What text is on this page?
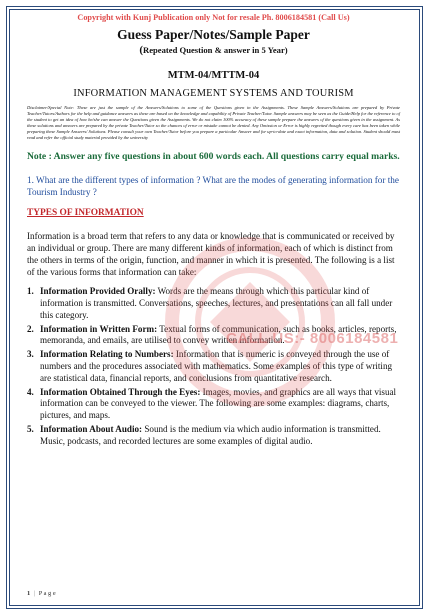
Copyright with Kunj Publication only Not for resale Ph. 8006184581 (Call Us)
Guess Paper/Notes/Sample Paper
(Repeated Question & answer in 5 Year)
MTM-04/MTTM-04
INFORMATION MANAGEMENT SYSTEMS AND TOURISM

Disclaimer/Special Note: These are just the sample of the Answers/Solutions to some of the Questions given in the Assignments. These Sample Answers/Solutions are prepared by Private Teacher/Tutors/Authors for the help and guidance answers as these are based on the knowledge and capability of Private Teacher/Tutor. Sample answers may be seen as the Guide/Help for the reference to of the student to get an idea of how he/she can answer the Questions given the Assignments. We do not claim 100% accuracy of these sample prepare the answers of the questions given in the assignment. As these solutions and answers are prepared by the private Teacher/Tutor so the chances of error or mistake cannot be denied. Any Omission or Error is highly regretted though every care has been taken while preparing these Sample Answers/ Solutions. Please consult your own Teacher/Tutor before you prepare a particular Answer and for up-to-date and exact information, data and solution. Student should must read and refer the official study material provided by the university

Note : Answer any five questions in about 600 words each. All questions carry equal marks.

1. What are the different types of information ? What are the modes of generating information for the Tourism Industry ?

TYPES OF INFORMATION

Information is a broad term that refers to any data or knowledge that is communicated or received by an individual or group. There are many different kinds of information, each of which is distinct from the others in terms of the origin, function, and manner in which it is presented. The following is a list of the various forms that information can take:

1. Information Provided Orally: Words are the means through which this particular kind of information is transmitted. Conversations, speeches, lectures, and presentations can all fall under this category.
2. Information in Written Form: Textual forms of communication, such as books, articles, reports, memoranda, and emails, are utilised to convey written information.
3. Information Relating to Numbers: Information that is numeric is conveyed through the use of numbers and the procedures associated with mathematics. Some examples of this type of writing are statistical data, financial reports, and conclusions from quantitative research.
4. Information Obtained Through the Eyes: Images, movies, and graphics are all ways that visual information can be conveyed to the viewer. The following are some examples: diagrams, charts, pictures, and maps.
5. Information About Audio: Sound is the medium via which audio information is transmitted. Music, podcasts, and recorded lectures are some examples of digital audio.
1 | P a g e
CALL US:- 8006184581
